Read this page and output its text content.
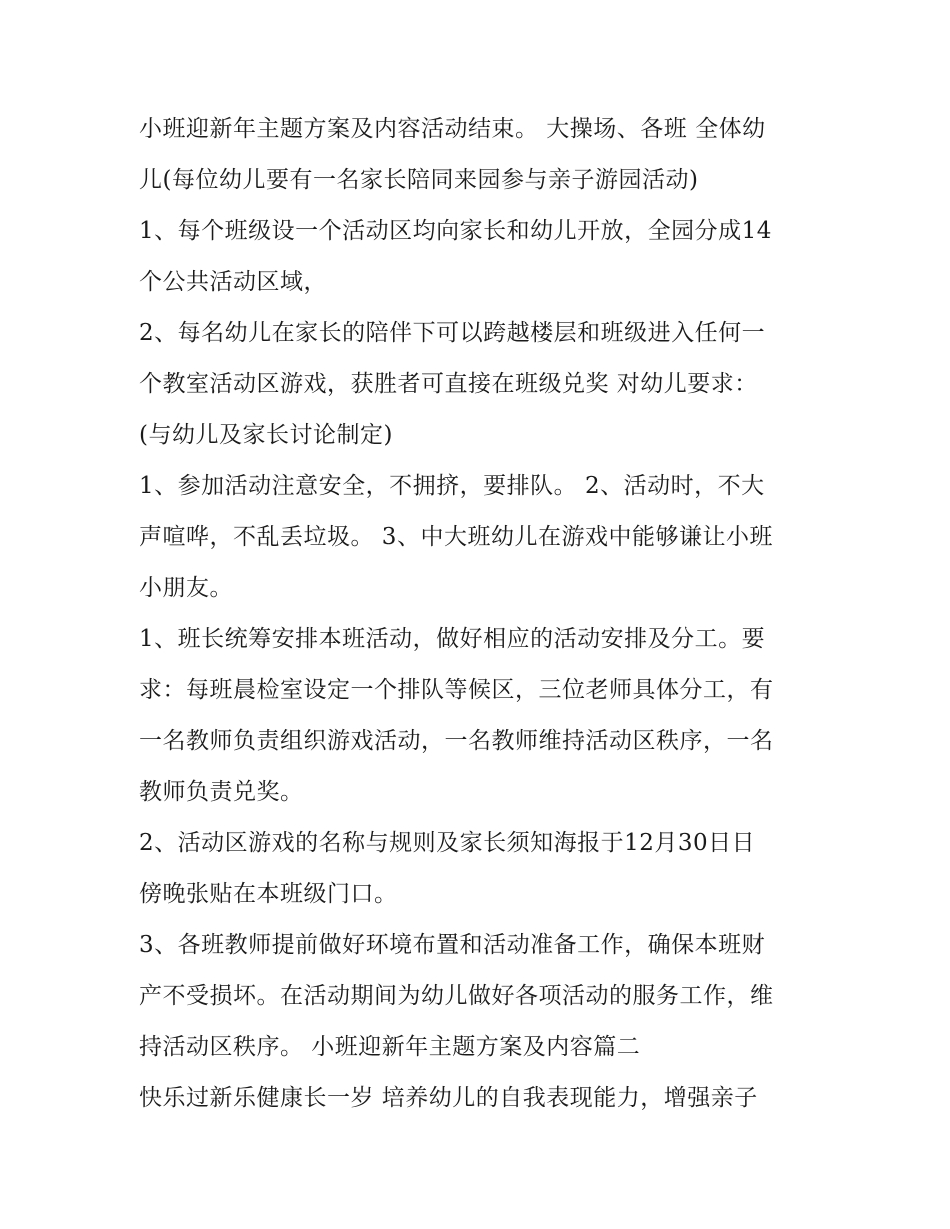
小班迎新年主题方案及内容活动结束。 大操场、各班 全体幼
儿(每位幼儿要有一名家长陪同来园参与亲子游园活动)
1、每个班级设一个活动区均向家长和幼儿开放，全园分成14
个公共活动区域，
2、每名幼儿在家长的陪伴下可以跨越楼层和班级进入任何一
个教室活动区游戏，获胜者可直接在班级兑奖 对幼儿要求：
(与幼儿及家长讨论制定)
1、参加活动注意安全，不拥挤，要排队。 2、活动时，不大
声喧哗，不乱丢垃圾。 3、中大班幼儿在游戏中能够谦让小班
小朋友。
1、班长统筹安排本班活动，做好相应的活动安排及分工。要
求：每班晨检室设定一个排队等候区，三位老师具体分工，有
一名教师负责组织游戏活动，一名教师维持活动区秩序，一名
教师负责兑奖。
2、活动区游戏的名称与规则及家长须知海报于12月30日日
傍晚张贴在本班级门口。
3、各班教师提前做好环境布置和活动准备工作，确保本班财
产不受损坏。在活动期间为幼儿做好各项活动的服务工作，维
持活动区秩序。 小班迎新年主题方案及内容篇二
快乐过新乐健康长一岁 培养幼儿的自我表现能力，增强亲子
